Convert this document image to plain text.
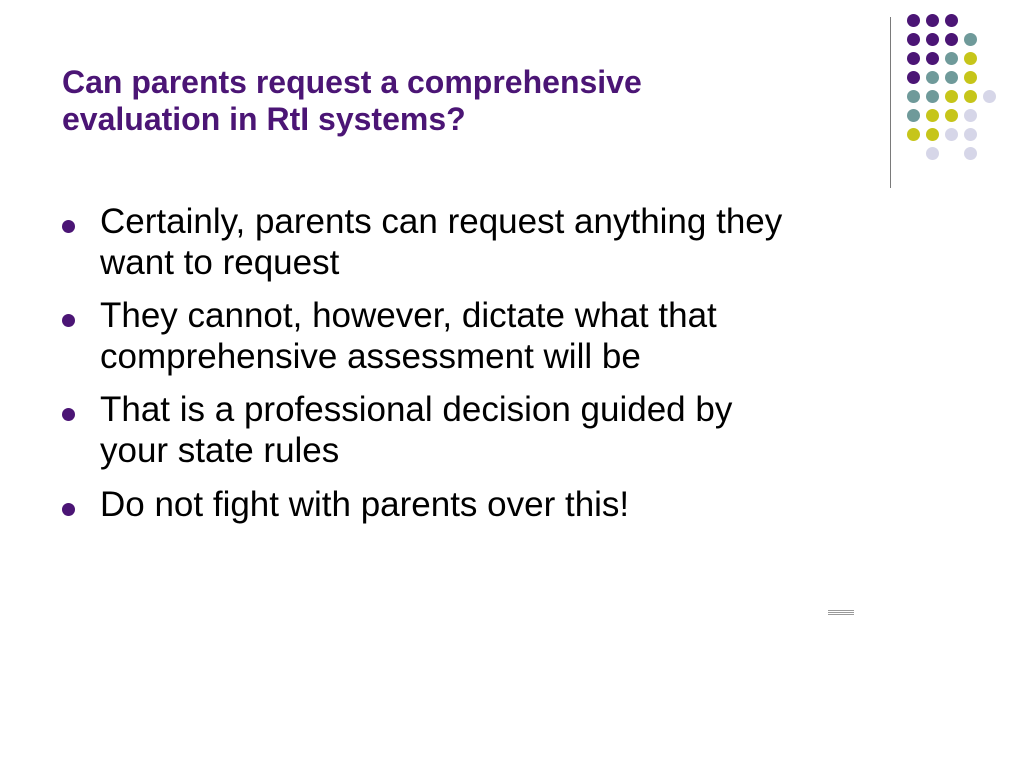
Can parents request a comprehensive
evaluation in RtI systems?
Certainly, parents can request anything they
want to request
They cannot, however, dictate what that
comprehensive assessment will be
That is a professional decision guided by
your state rules
Do not fight with parents over this!
